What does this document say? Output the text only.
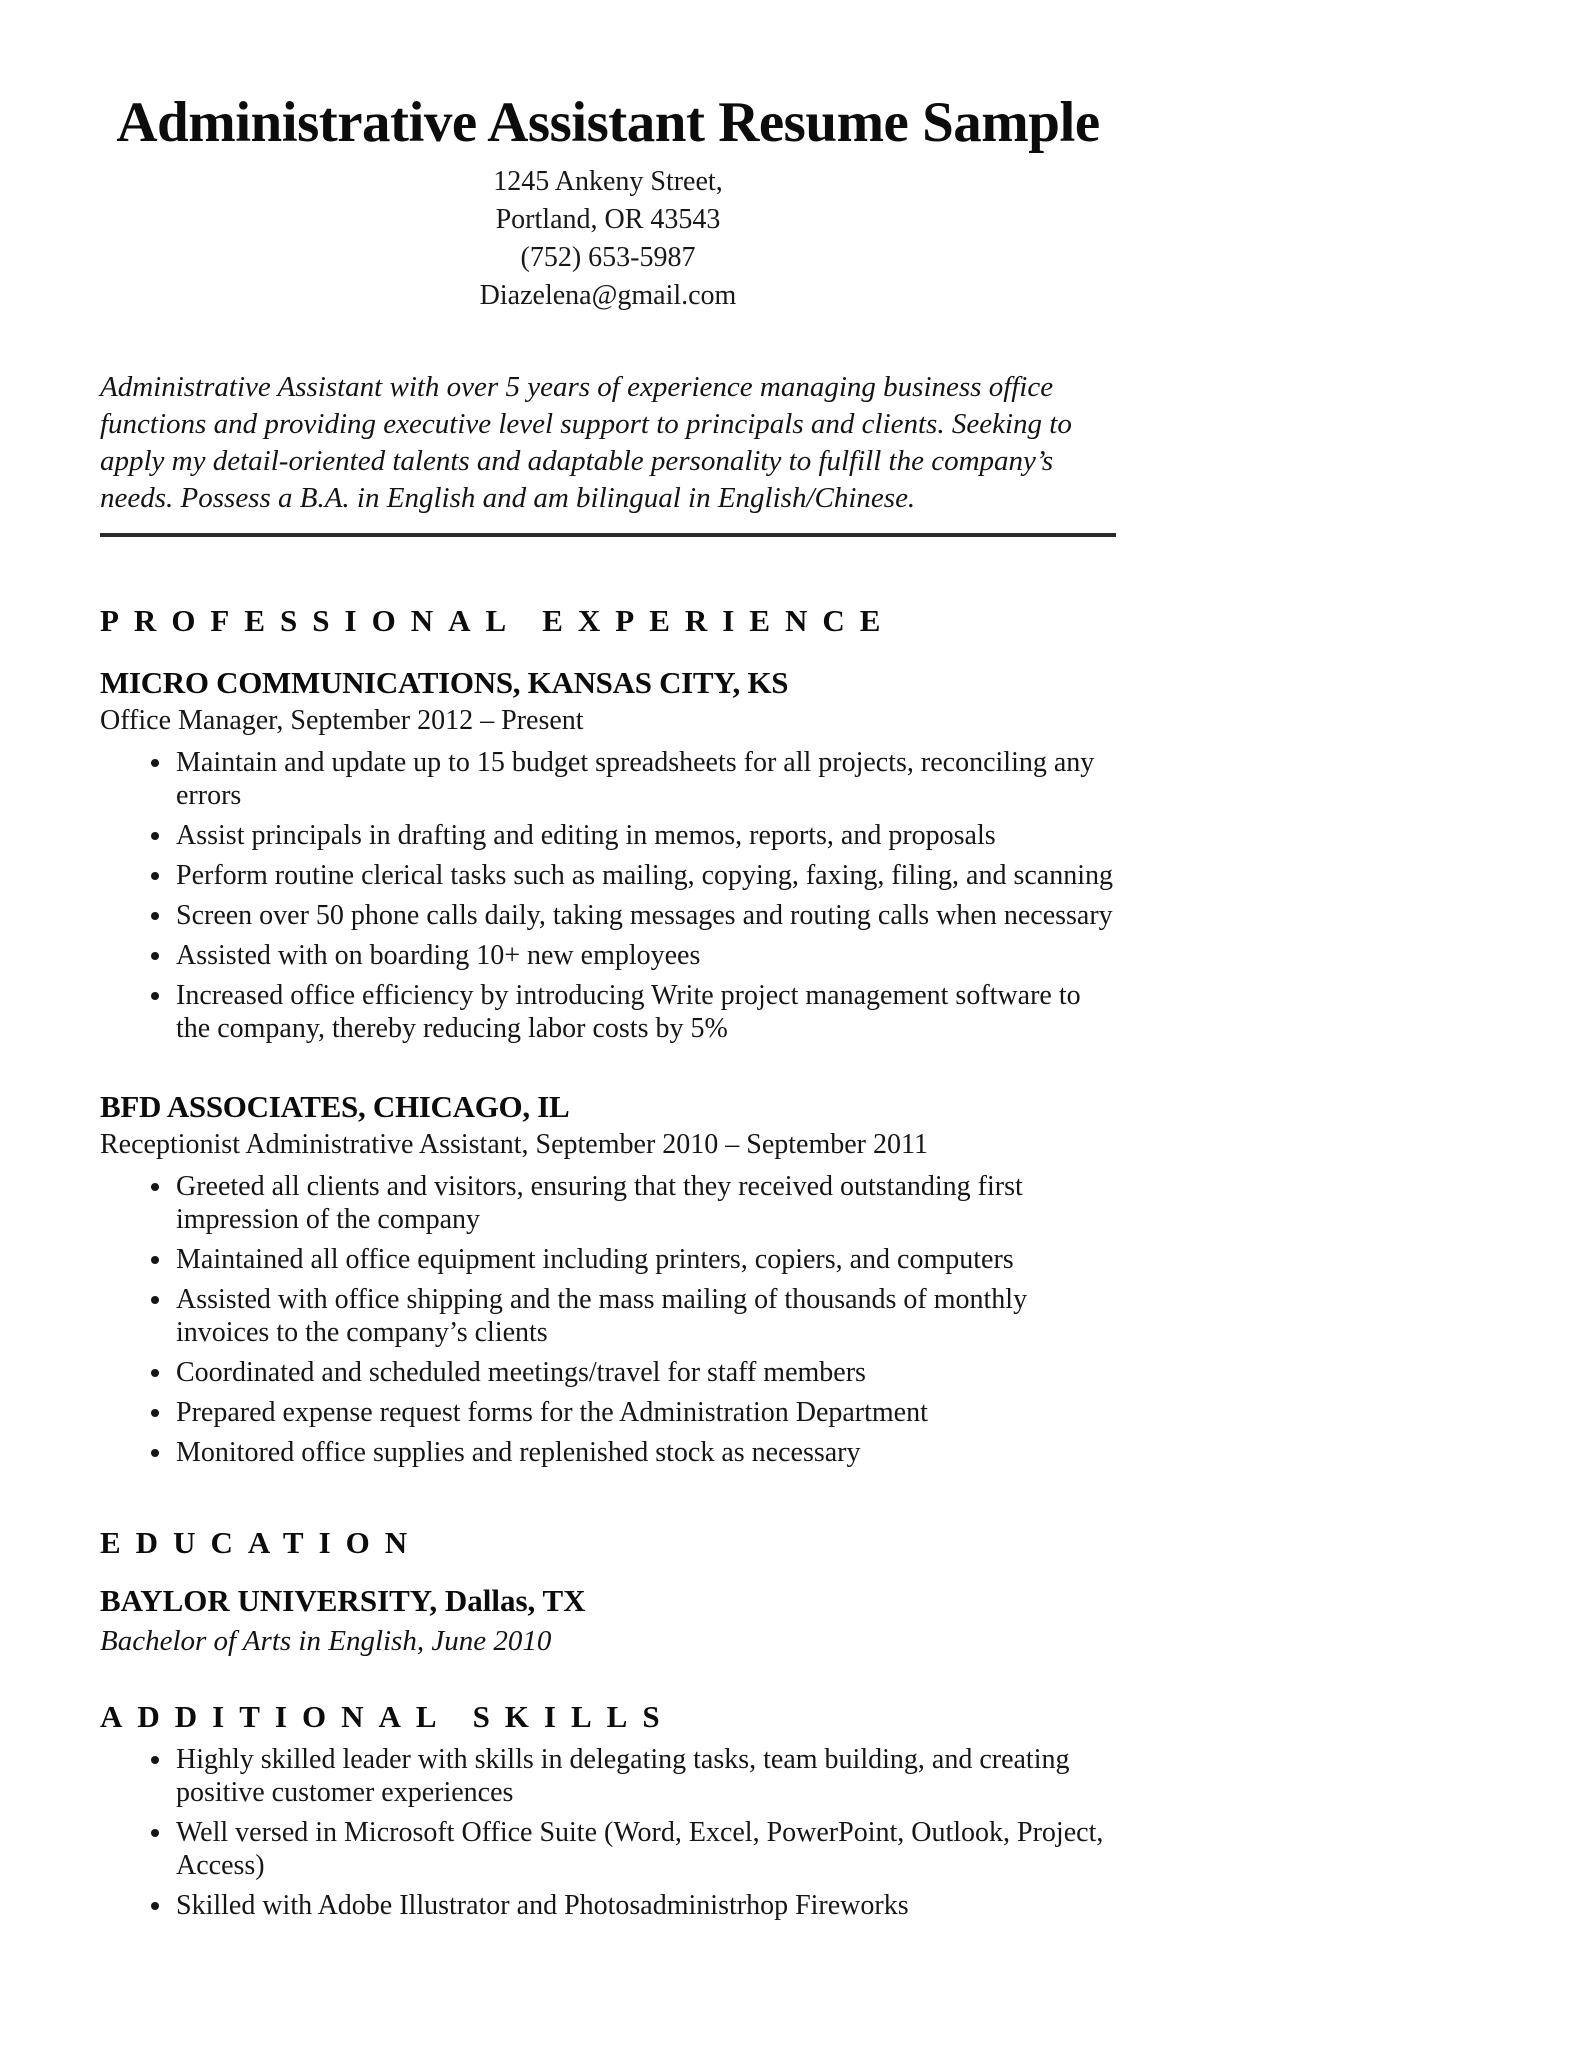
Administrative Assistant Resume Sample
1245 Ankeny Street,
Portland, OR 43543
(752) 653-5987
Diazelena@gmail.com

Administrative Assistant with over 5 years of experience managing business office functions and providing executive level support to principals and clients. Seeking to apply my detail-oriented talents and adaptable personality to fulfill the company’s needs. Possess a B.A. in English and am bilingual in English/Chinese.

PROFESSIONAL EXPERIENCE
MICRO COMMUNICATIONS, KANSAS CITY, KS
Office Manager, September 2012 – Present
• Maintain and update up to 15 budget spreadsheets for all projects, reconciling any errors
• Assist principals in drafting and editing in memos, reports, and proposals
• Perform routine clerical tasks such as mailing, copying, faxing, filing, and scanning
• Screen over 50 phone calls daily, taking messages and routing calls when necessary
• Assisted with on boarding 10+ new employees
• Increased office efficiency by introducing Write project management software to the company, thereby reducing labor costs by 5%
BFD ASSOCIATES, CHICAGO, IL
Receptionist Administrative Assistant, September 2010 – September 2011
• Greeted all clients and visitors, ensuring that they received outstanding first impression of the company
• Maintained all office equipment including printers, copiers, and computers
• Assisted with office shipping and the mass mailing of thousands of monthly invoices to the company’s clients
• Coordinated and scheduled meetings/travel for staff members
• Prepared expense request forms for the Administration Department
• Monitored office supplies and replenished stock as necessary
EDUCATION
BAYLOR UNIVERSITY, Dallas, TX
Bachelor of Arts in English, June 2010
ADDITIONAL SKILLS
• Highly skilled leader with skills in delegating tasks, team building, and creating positive customer experiences
• Well versed in Microsoft Office Suite (Word, Excel, PowerPoint, Outlook, Project, Access)
• Skilled with Adobe Illustrator and Photosadministrhop Fireworks
